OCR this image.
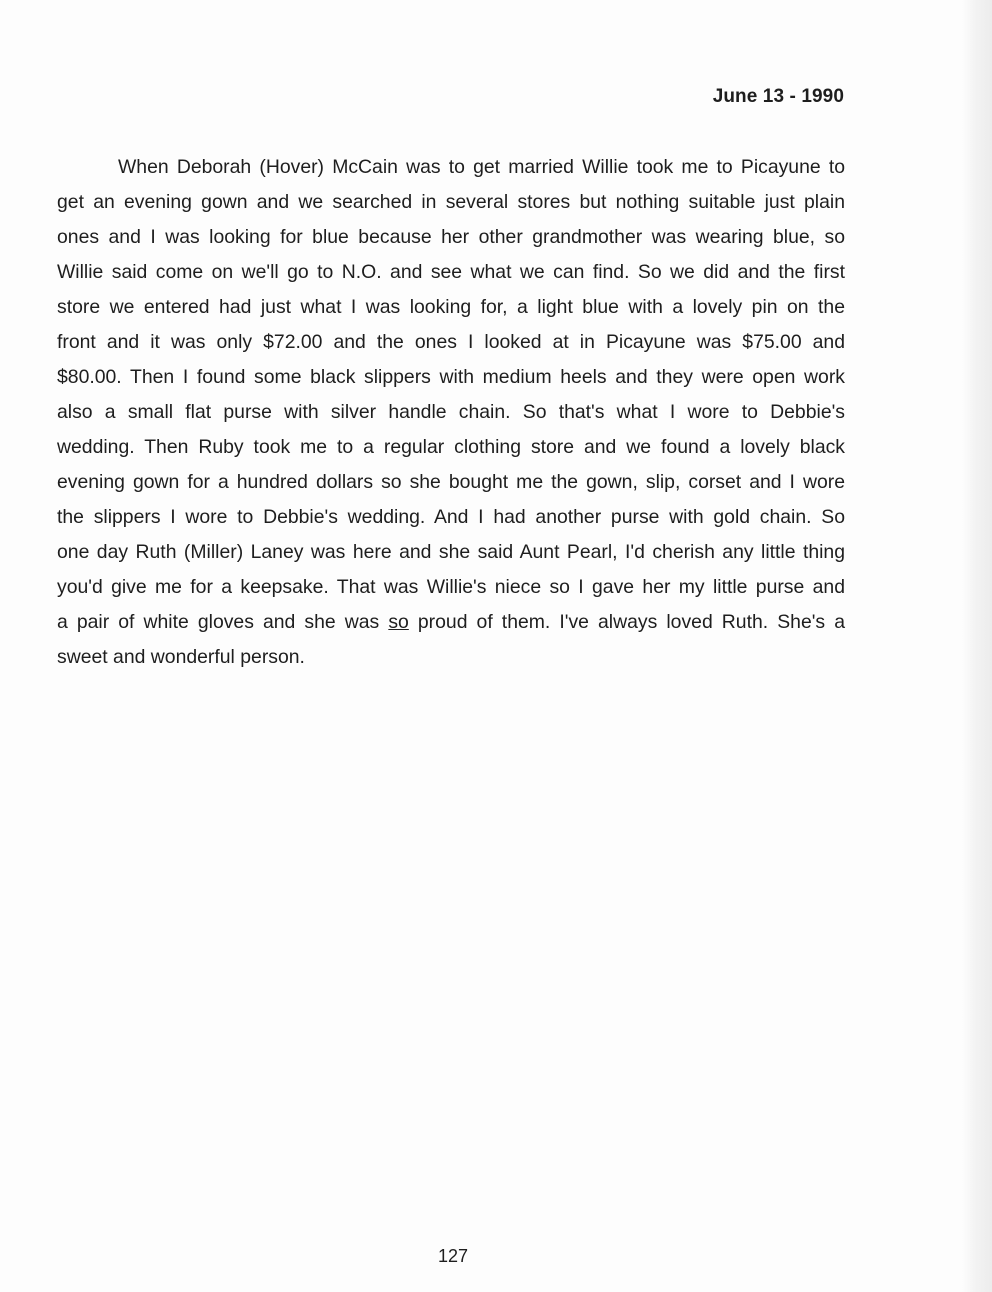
June 13 - 1990
When Deborah (Hover) McCain was to get married Willie took me to Picayune to
get an evening gown and we searched in several stores but nothing suitable just plain
ones and I was looking for blue because her other grandmother was wearing blue, so
Willie said come on we'll go to N.O. and see what we can find. So we did and the first
store we entered had just what I was looking for, a light blue with a lovely pin on the
front and it was only $72.00 and the ones I looked at in Picayune was $75.00 and
$80.00. Then I found some black slippers with medium heels and they were open work
also a small flat purse with silver handle chain. So that's what I wore to Debbie's
wedding. Then Ruby took me to a regular clothing store and we found a lovely black
evening gown for a hundred dollars so she bought me the gown, slip, corset and I wore
the slippers I wore to Debbie's wedding. And I had another purse with gold chain. So
one day Ruth (Miller) Laney was here and she said Aunt Pearl, I'd cherish any little thing
you'd give me for a keepsake. That was Willie's niece so I gave her my little purse and
a pair of white gloves and she was so proud of them. I've always loved Ruth. She's a
sweet and wonderful person.
127
